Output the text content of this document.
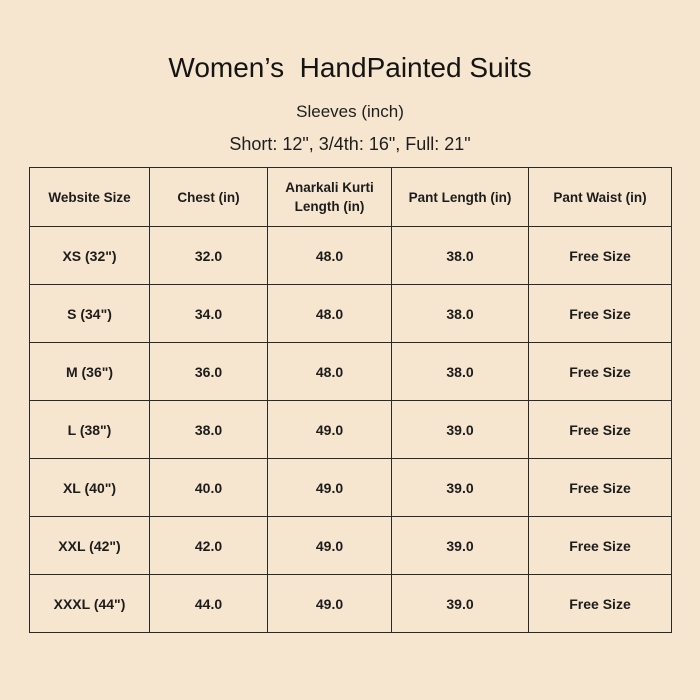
Women’s  HandPainted Suits
Sleeves (inch)
Short: 12", 3/4th: 16", Full: 21"
Website Size	Chest (in)	Anarkali Kurti Length (in)	Pant Length (in)	Pant Waist (in)
XS (32")	32.0	48.0	38.0	Free Size
S (34")	34.0	48.0	38.0	Free Size
M (36")	36.0	48.0	38.0	Free Size
L (38")	38.0	49.0	39.0	Free Size
XL (40")	40.0	49.0	39.0	Free Size
XXL (42")	42.0	49.0	39.0	Free Size
XXXL (44")	44.0	49.0	39.0	Free Size
